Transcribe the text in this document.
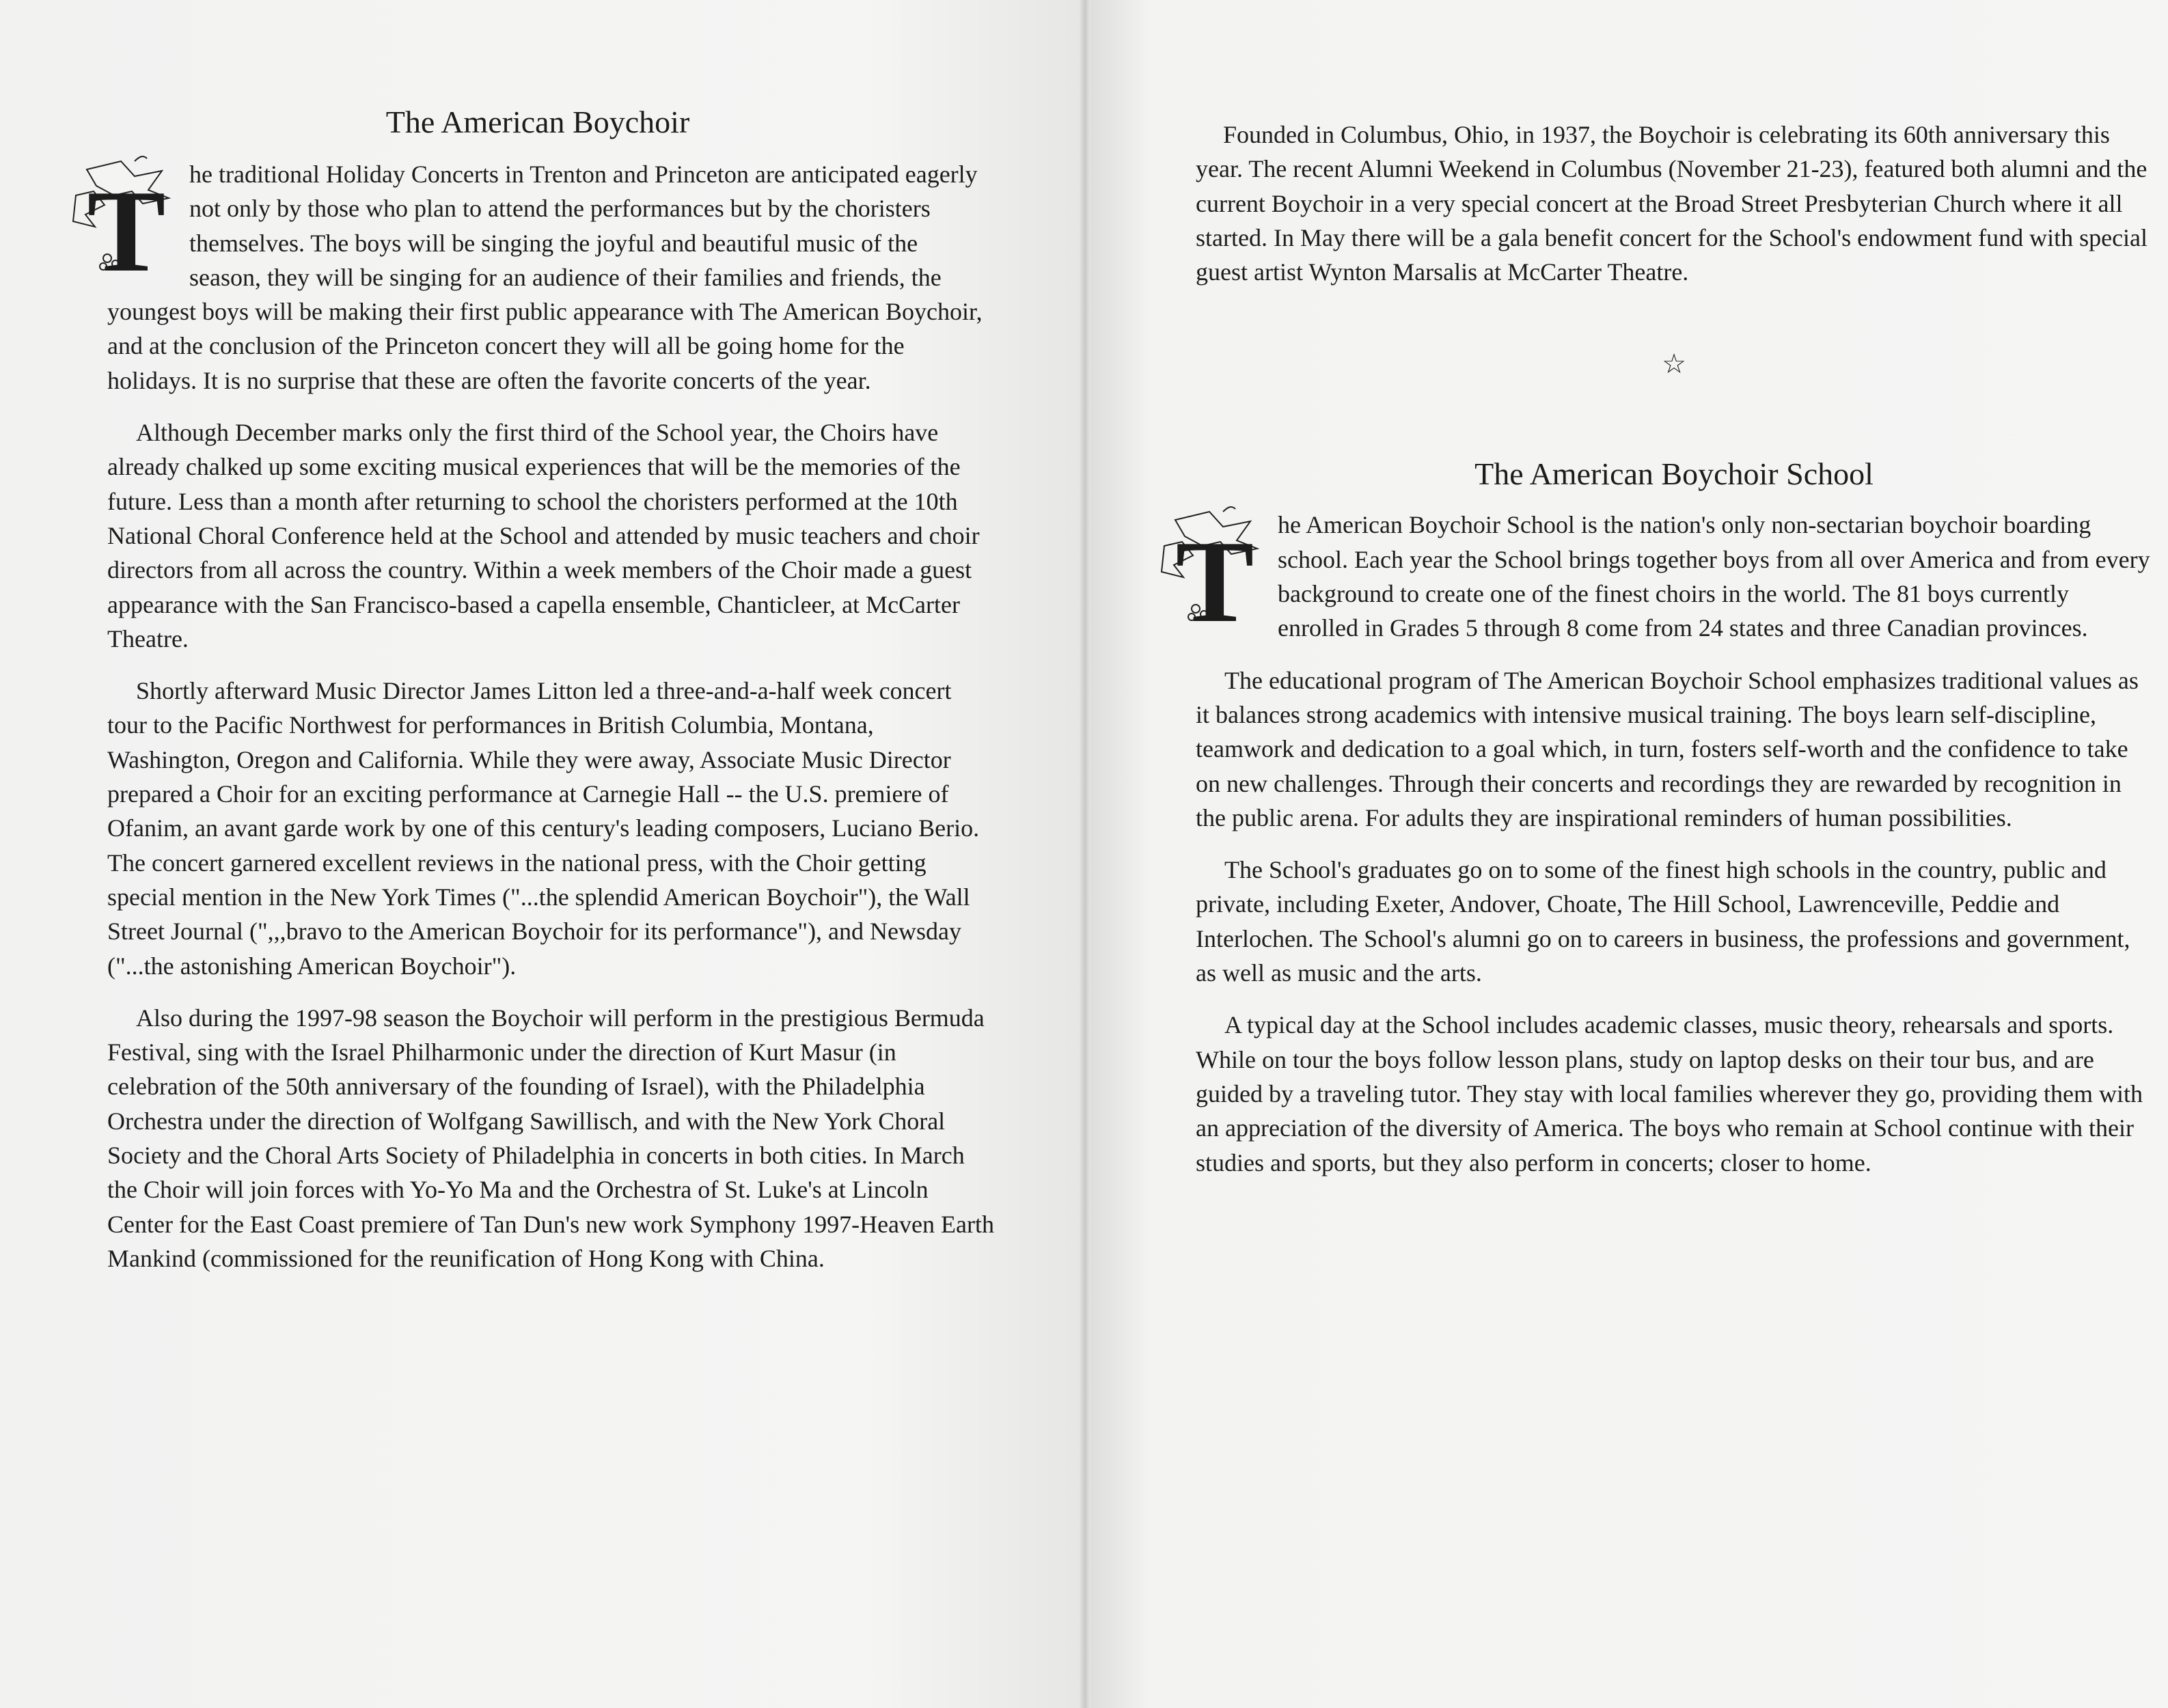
The American Boychoir

T he traditional Holiday Concerts in Trenton and Princeton are anticipated eagerly not only by those who plan to attend the performances but by the choristers themselves. The boys will be singing the joyful and beautiful music of the season, they will be singing for an audience of their families and friends, the youngest boys will be making their first public appearance with The American Boychoir, and at the conclusion of the Princeton concert they will all be going home for the holidays. It is no surprise that these are often the favorite concerts of the year.

Although December marks only the first third of the School year, the Choirs have already chalked up some exciting musical experiences that will be the memories of the future. Less than a month after returning to school the choristers performed at the 10th National Choral Conference held at the School and attended by music teachers and choir directors from all across the country. Within a week members of the Choir made a guest appearance with the San Francisco-based a capella ensemble, Chanticleer, at McCarter Theatre.

Shortly afterward Music Director James Litton led a three-and-a-half week concert tour to the Pacific Northwest for performances in British Columbia, Montana, Washington, Oregon and California. While they were away, Associate Music Director prepared a Choir for an exciting performance at Carnegie Hall -- the U.S. premiere of Ofanim, an avant garde work by one of this century's leading composers, Luciano Berio. The concert garnered excellent reviews in the national press, with the Choir getting special mention in the New York Times ("...the splendid American Boychoir"), the Wall Street Journal (",,,bravo to the American Boychoir for its performance"), and Newsday ("...the astonishing American Boychoir").

Also during the 1997-98 season the Boychoir will perform in the prestigious Bermuda Festival, sing with the Israel Philharmonic under the direction of Kurt Masur (in celebration of the 50th anniversary of the founding of Israel), with the Philadelphia Orchestra under the direction of Wolfgang Sawillisch, and with the New York Choral Society and the Choral Arts Society of Philadelphia in concerts in both cities. In March the Choir will join forces with Yo-Yo Ma and the Orchestra of St. Luke's at Lincoln Center for the East Coast premiere of Tan Dun's new work Symphony 1997-Heaven Earth Mankind (commissioned for the reunification of Hong Kong with China.

Founded in Columbus, Ohio, in 1937, the Boychoir is celebrating its 60th anniversary this year. The recent Alumni Weekend in Columbus (November 21-23), featured both alumni and the current Boychoir in a very special concert at the Broad Street Presbyterian Church where it all started. In May there will be a gala benefit concert for the School's endowment fund with special guest artist Wynton Marsalis at McCarter Theatre.

☆
The American Boychoir School

T he American Boychoir School is the nation's only non-sectarian boychoir boarding school. Each year the School brings together boys from all over America and from every background to create one of the finest choirs in the world. The 81 boys currently enrolled in Grades 5 through 8 come from 24 states and three Canadian provinces.

The educational program of The American Boychoir School emphasizes traditional values as it balances strong academics with intensive musical training. The boys learn self-discipline, teamwork and dedication to a goal which, in turn, fosters self-worth and the confidence to take on new challenges. Through their concerts and recordings they are rewarded by recognition in the public arena. For adults they are inspirational reminders of human possibilities.

The School's graduates go on to some of the finest high schools in the country, public and private, including Exeter, Andover, Choate, The Hill School, Lawrenceville, Peddie and Interlochen. The School's alumni go on to careers in business, the professions and government, as well as music and the arts.

A typical day at the School includes academic classes, music theory, rehearsals and sports. While on tour the boys follow lesson plans, study on laptop desks on their tour bus, and are guided by a traveling tutor. They stay with local families wherever they go, providing them with an appreciation of the diversity of America. The boys who remain at School continue with their studies and sports, but they also perform in concerts; closer to home.
